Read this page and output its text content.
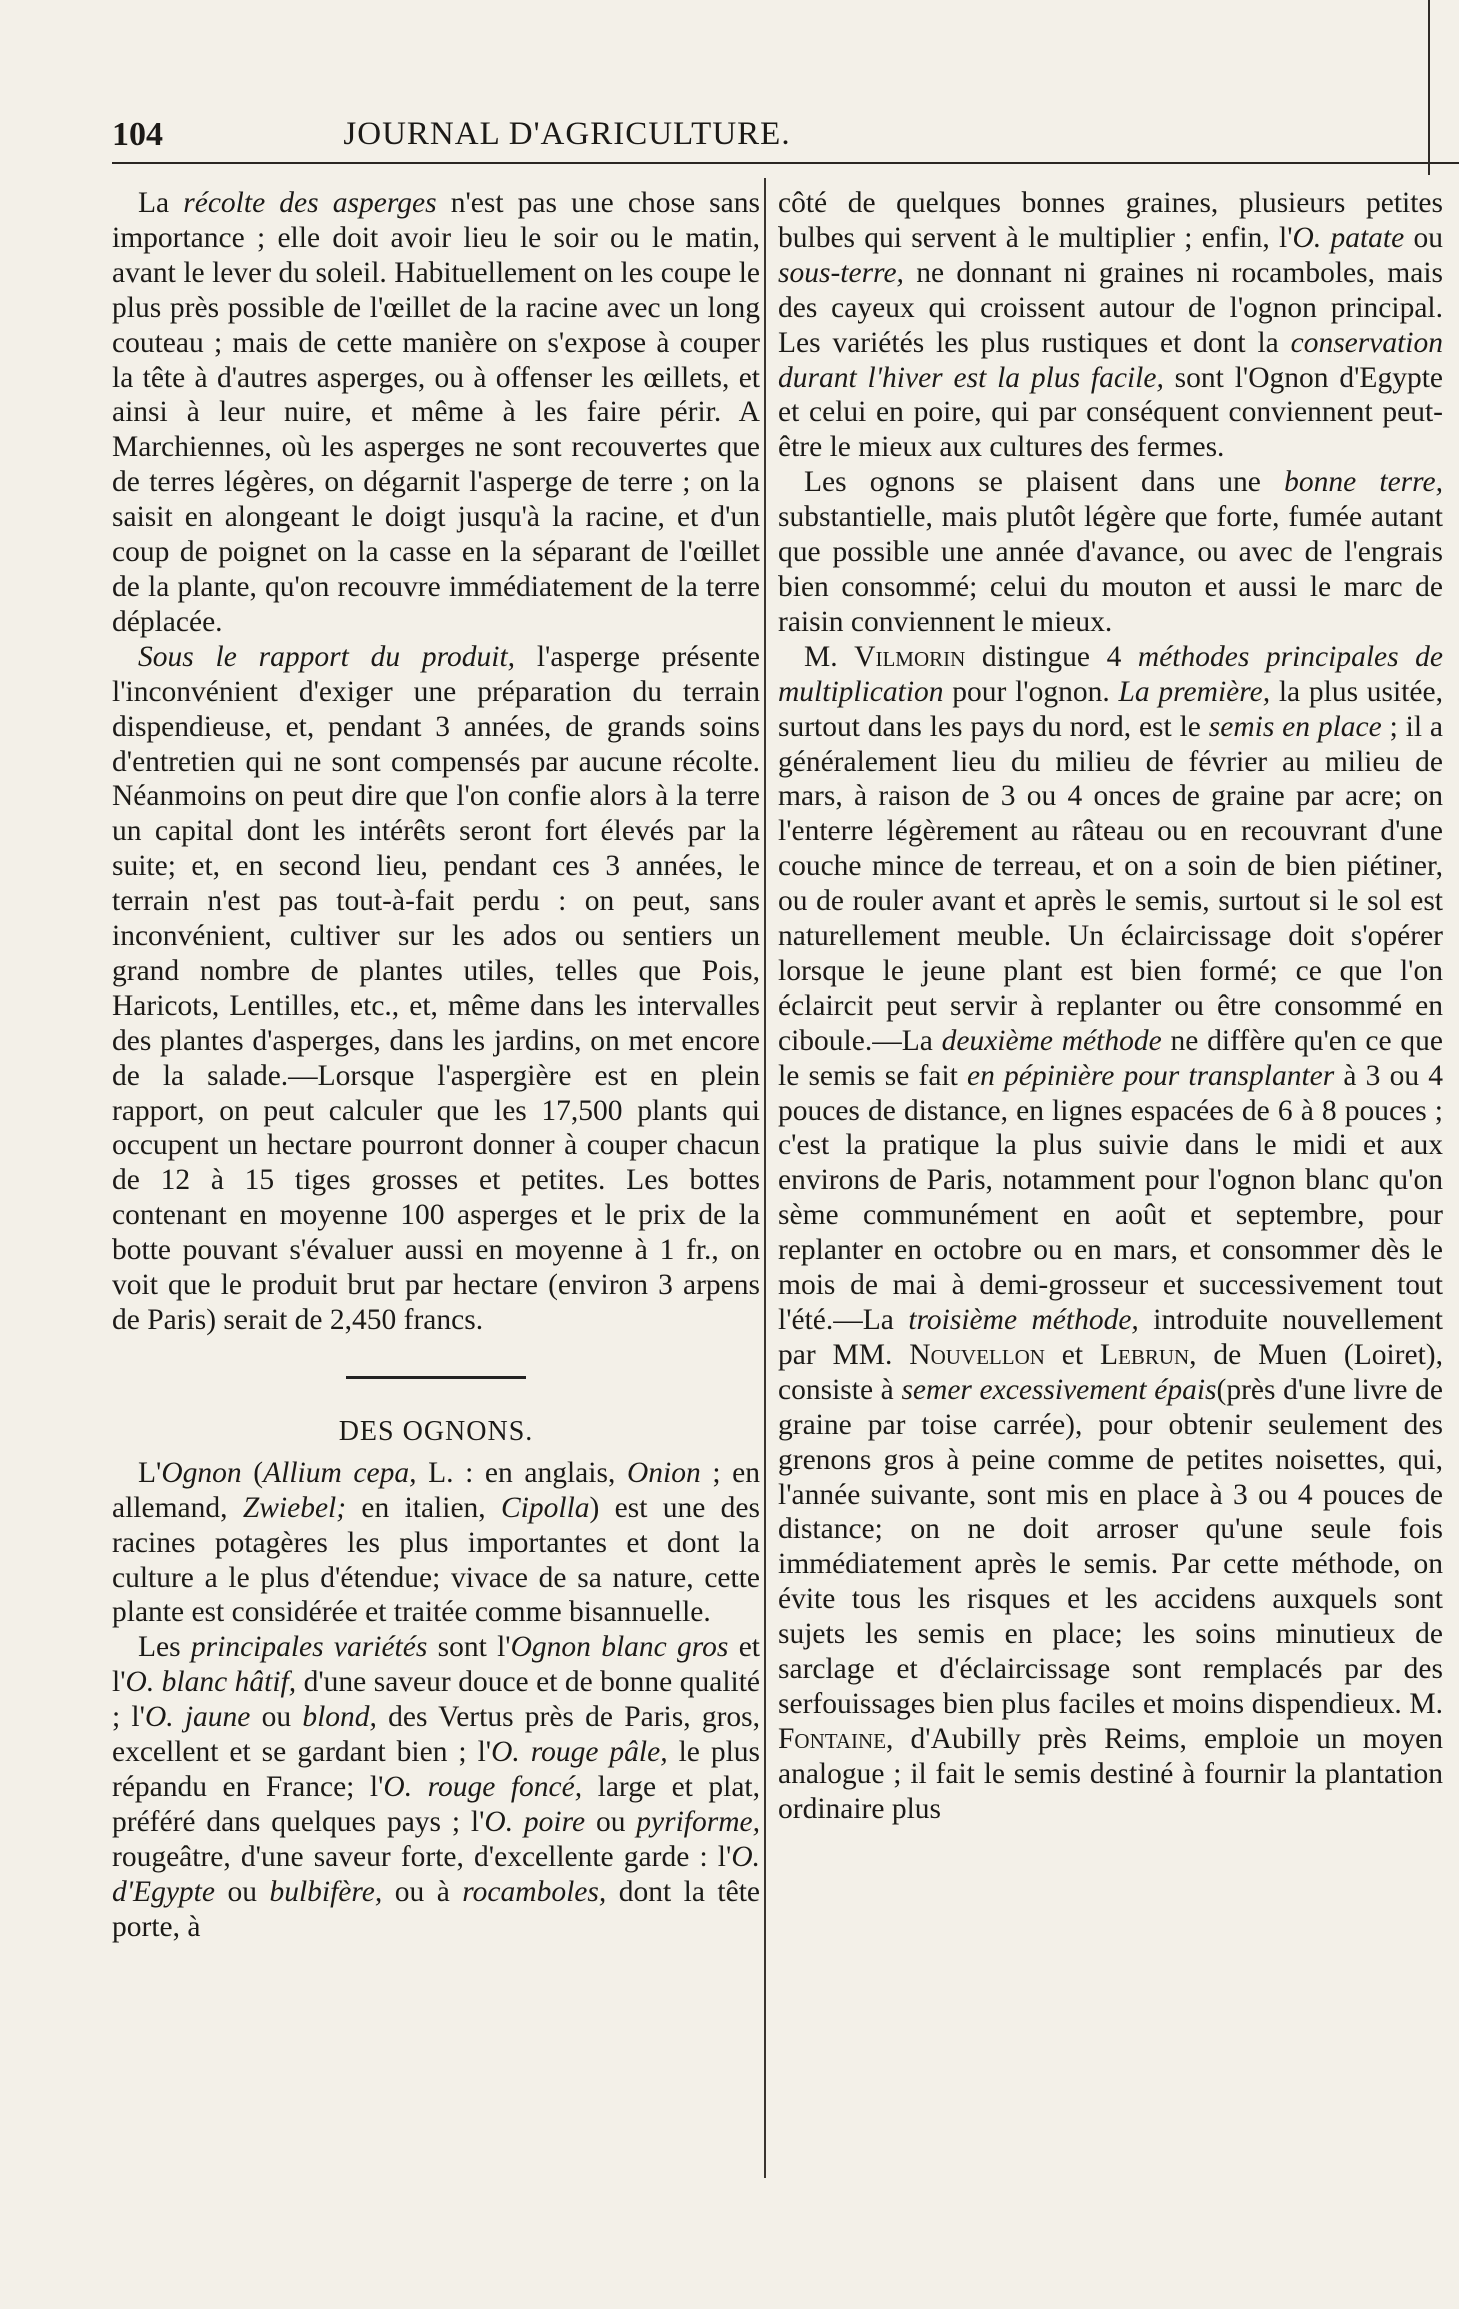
104	JOURNAL D'AGRICULTURE.

La récolte des asperges n'est pas une chose sans importance ; elle doit avoir lieu le soir ou le matin, avant le lever du soleil. Habituellement on les coupe le plus près possible de l'œillet de la racine avec un long couteau ; mais de cette manière on s'expose à couper la tête à d'autres asperges, ou à offenser les œillets, et ainsi à leur nuire, et même à les faire périr. A Marchiennes, où les asperges ne sont recouvertes que de terres légères, on dégarnit l'asperge de terre ; on la saisit en alongeant le doigt jusqu'à la racine, et d'un coup de poignet on la casse en la séparant de l'œillet de la plante, qu'on recouvre immédiatement de la terre déplacée.

Sous le rapport du produit, l'asperge présente l'inconvénient d'exiger une préparation du terrain dispendieuse, et, pendant 3 années, de grands soins d'entretien qui ne sont compensés par aucune récolte. Néanmoins on peut dire que l'on confie alors à la terre un capital dont les intérêts seront fort élevés par la suite; et, en second lieu, pendant ces 3 années, le terrain n'est pas tout-à-fait perdu : on peut, sans inconvénient, cultiver sur les ados ou sentiers un grand nombre de plantes utiles, telles que Pois, Haricots, Lentilles, etc., et, même dans les intervalles des plantes d'asperges, dans les jardins, on met encore de la salade.—Lorsque l'aspergière est en plein rapport, on peut calculer que les 17,500 plants qui occupent un hectare pourront donner à couper chacun de 12 à 15 tiges grosses et petites. Les bottes contenant en moyenne 100 asperges et le prix de la botte pouvant s'évaluer aussi en moyenne à 1 fr., on voit que le produit brut par hectare (environ 3 arpens de Paris) serait de 2,450 francs.

DES OGNONS.

L'Ognon (Allium cepa, L. : en anglais, Onion ; en allemand, Zwiebel; en italien, Cipolla) est une des racines potagères les plus importantes et dont la culture a le plus d'étendue; vivace de sa nature, cette plante est considérée et traitée comme bisannuelle.

Les principales variétés sont l'Ognon blanc gros et l'O. blanc hâtif, d'une saveur douce et de bonne qualité ; l'O. jaune ou blond, des Vertus près de Paris, gros, excellent et se gardant bien ; l'O. rouge pâle, le plus répandu en France; l'O. rouge foncé, large et plat, préféré dans quelques pays ; l'O. poire ou pyriforme, rougeâtre, d'une saveur forte, d'excellente garde : l'O. d'Egypte ou bulbifère, ou à rocamboles, dont la tête porte, à

côté de quelques bonnes graines, plusieurs petites bulbes qui servent à le multiplier ; enfin, l'O. patate ou sous-terre, ne donnant ni graines ni rocamboles, mais des cayeux qui croissent autour de l'ognon principal. Les variétés les plus rustiques et dont la conservation durant l'hiver est la plus facile, sont l'Ognon d'Egypte et celui en poire, qui par conséquent conviennent peut-être le mieux aux cultures des fermes.

Les ognons se plaisent dans une bonne terre, substantielle, mais plutôt légère que forte, fumée autant que possible une année d'avance, ou avec de l'engrais bien consommé; celui du mouton et aussi le marc de raisin conviennent le mieux.

M. Vilmorin distingue 4 méthodes principales de multiplication pour l'ognon. La première, la plus usitée, surtout dans les pays du nord, est le semis en place ; il a généralement lieu du milieu de février au milieu de mars, à raison de 3 ou 4 onces de graine par acre; on l'enterre légèrement au râteau ou en recouvrant d'une couche mince de terreau, et on a soin de bien piétiner, ou de rouler avant et après le semis, surtout si le sol est naturellement meuble. Un éclaircissage doit s'opérer lorsque le jeune plant est bien formé; ce que l'on éclaircit peut servir à replanter ou être consommé en ciboule.—La deuxième méthode ne diffère qu'en ce que le semis se fait en pépinière pour transplanter à 3 ou 4 pouces de distance, en lignes espacées de 6 à 8 pouces ; c'est la pratique la plus suivie dans le midi et aux environs de Paris, notamment pour l'ognon blanc qu'on sème communément en août et septembre, pour replanter en octobre ou en mars, et consommer dès le mois de mai à demi-grosseur et successivement tout l'été.—La troisième méthode, introduite nouvellement par MM. Nouvellon et Lebrun, de Muen (Loiret), consiste à semer excessivement épais(près d'une livre de graine par toise carrée), pour obtenir seulement des grenons gros à peine comme de petites noisettes, qui, l'année suivante, sont mis en place à 3 ou 4 pouces de distance; on ne doit arroser qu'une seule fois immédiatement après le semis. Par cette méthode, on évite tous les risques et les accidens auxquels sont sujets les semis en place; les soins minutieux de sarclage et d'éclaircissage sont remplacés par des serfouissages bien plus faciles et moins dispendieux. M. Fontaine, d'Aubilly près Reims, emploie un moyen analogue ; il fait le semis destiné à fournir la plantation ordinaire plus
